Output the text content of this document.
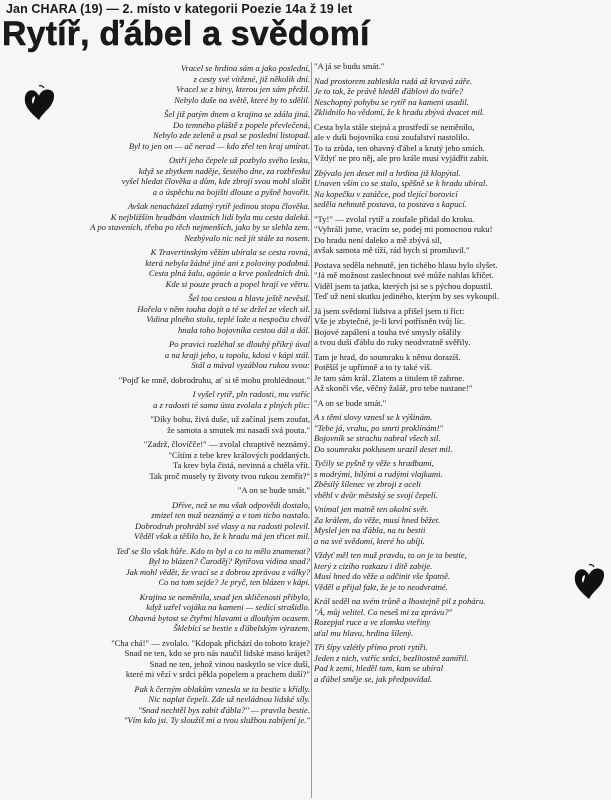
Jan CHARA (19) — 2. místo v kategorii Poezie 14a ž 19 let
Rytíř, ďábel a svědomí
Vracel se hrdina sám a jako poslední,
z cesty své vítězné, již několik dní.
Vracel se z bitvy, kterou jen sám přežil.
Nebylo duše na světě, které by to sdělil.
Šel již patým dnem a krajina se zdála jiná.
Do temného pláště z popele převlečená,
Nebylo zde zeleně a psal se poslední listopad.
Byl to jen on — ač nerad — kdo zřel ten kraj umírat.
Ostří jeho čepele už pozbylo svého lesku,
když se zbytkem naděje, šestého dne, za rozbřesku
vyšel hledat člověka a dům, kde zbrojí svou mohl složit
a o úspěchu na bojišti dlouze a pyšně hovořit.
Avšak nenacházel zdatný rytíř jedinou stopu člověka.
K nejbližším hradbám vlastních lidí byla mu cesta daleká.
A po staveních, třeba po těch nejmenších, jako by se slehla zem.
Nezbývalo nic než jít stále za nosem.
K Travertinským věžím ubírala se cesta rovná,
která nebyla žádné jiné ani z poloviny podobná.
Cesta plná žalu, agónie a krve posledních dnů.
Kde si pouze prach a popel hrají ve větru.
Šel tou cestou a hlavu ještě nevěsil.
Hořela v něm touha dojít a té se držel ze všech sil.
Vidina plného stolu, teplé lože a nespočtu chvál
hnala toho bojovníka cestou dál a dál.
Po pravici rozléhal se dlouhý příkrý úval
a na kraji jeho, u topolu, kdosi v kápi stál.
Stál a mával vyzáblou rukou svou:
"Pojď ke mně, dobrodruhu, ať si tě mohu prohlédnout."
I vyšel rytíř, pln radosti, mu vstříc
a z radosti té sama ústa zvolala z plných plic:
"Díky bohu, živá duše, už začínal jsem zoufat,
že samota a smutek mi nasadí svá pouta."
"Zadrž, človíčče!" — zvolal chraptivě neznámý.
"Cítím z tebe krev králových poddaných.
Ta krev byla čistá, nevinná a chtěla vřít.
Tak proč musely ty životy tvou rukou zemřít?"
"A on se bude smát."
Dříve, než se mu však odpovědi dostalo,
zmizel ten muž neznámý a v tom ticho nastalo.
Dobrodruh prohrábl své vlasy a na radosti polevil.
Věděl však a těšilo ho, že k hradu má jen třicet mil.
Teď se šlo však hůře. Kdo to byl a co to mělo znamenat?
Byl to blázen? Čaroděj? Rytířova vidina snad?
Jak mohl vědět, že vrací se z dobrou zprávou z války?
Co na tom sejde? Je pryč, ten blázen v kápi.
Krajina se neměnila, snad jen skličenosti přibylo,
když uzřel vojáka na kameni — sedící strašidlo.
Ohavná bytost se čtyřmi hlavami a dlouhým ocasem.
Šklebící se bestie s ďábelským výrazem.
"Cha chá!" — zvolalo. "Kdopak přichází do tohoto kraje?
Snad ne ten, kdo se pro nás naučil lidské maso krájet?
Snad ne ten, jehož vinou naskytlo se více duší,
které mi vězí v srdci pěkla popelem a prachem duší?"
Pak k černým oblakům vznesla se ta bestie s křídly.
Nic naplat čepeli. Zde už nevládnou lidské síly.
"Snad nechtěl bys zabít ďábla?" — pravila bestie.
"Vím kdo jsi. Ty sloužíš mi a tvou službou zabíjení je."
"A já se budu smát."
Nad prostorem zableskla rudá až krvavá záře.
Je to tak, že právě hleděl ďáblovi do tváře?
Neschopný pohybu se rytíř na kameni usadil.
Zklidnilo ho vědomí, že k hradu zbývá dvacet mil.
Cesta byla stále stejná a prostředí se neměnilo,
ale v duši bojovníka cosi zoufalství nastolilo.
To ta zrůda, ten ohavný ďábel a krutý jeho smích.
Vždyť ne pro něj, ale pro krále musí vyjádřit zabít.
Zbývalo jen deset mil a hrdina již klopýtal.
Unaven vším co se stalo, spěšně se k hradu ubíral.
Na kopečku v zatáčce, pod tlející borovicí
seděla nehnutě postava, ta postava s kapucí.
"Ty!" — zvolal rytíř a zoufale přidal do kroku.
"Vyhráli jsme, vracím se, podej mi pomocnou ruku!
Do hradu není daleko a mě zbývá sil,
avšak samota mě tíží, rád bych si promluvil."
Postava seděla nehnutě, jen tichého hlasu bylo slyšet.
"Já mě možnost zaslechnout své může nahlas křičet.
Viděl jsem ta jatka, kterých jsi se s pýchou dopustil.
Teď už není skutku jediného, kterým by ses vykoupil.
Já jsem svědomí lidstva a přišel jsem ti říct:
Vše je zbytečné, je-li krví potřísněn tvůj líc.
Bojové zapálení a touha tvé smysly ošálily
a tvou duši ďáblu do ruky neodvratně svěřily.
Tam je hrad, do soumraku k němu dorazíš.
Potěšíš je upřímně a to ty také víš.
Je tam sám král. Zlatem a titulem tě zahrne.
Až skončí vše, věčný žalář, pro tebe nastane!"
"A on se bude smát."
A s těmi slovy vznesl se k výšinám.
"Tebe já, vrahu, po smrti proklínám!"
Bojovník se strachu nabral všech sil.
Do soumraku poklusem urazil deset mil.
Tyčily se pyšně ty věže s hradbami,
s modrými, bílými a rudými vlajkami.
Zběsilý šílenec ve zbroji z oceli
vběhl v dvůr městský se svojí čepelí.
Vnímal jen matně ten okolní svět.
Za králem, do věže, musí hned běžet.
Myslel jen na ďábla, na tu bestii
a na své svědomí, které ho ubíjí.
Vždyť měl ten muž pravdu, to on je ta bestie,
který z cizího rozkazu i dítě zabije.
Musí hned do věže a odčinit vše špatně.
Věděl a přijal fakt, že je to neodvratné.
Král seděl na svém trůně a lhostejně pil z poháru.
"Á, můj velitel. Co neseš mi za zprávu?"
Rozepjal ruce a ve zlomku vteřiny
uťal mu hlavu, hrdina šílený.
Tři šípy vzlétly přímo proti rytíři.
Jeden z nich, vstříc srdci, bezlítostně zamířil.
Pad k zemi, hleděl tam, kam se ubíral
a ďábel směje se, jak předpovídal.
